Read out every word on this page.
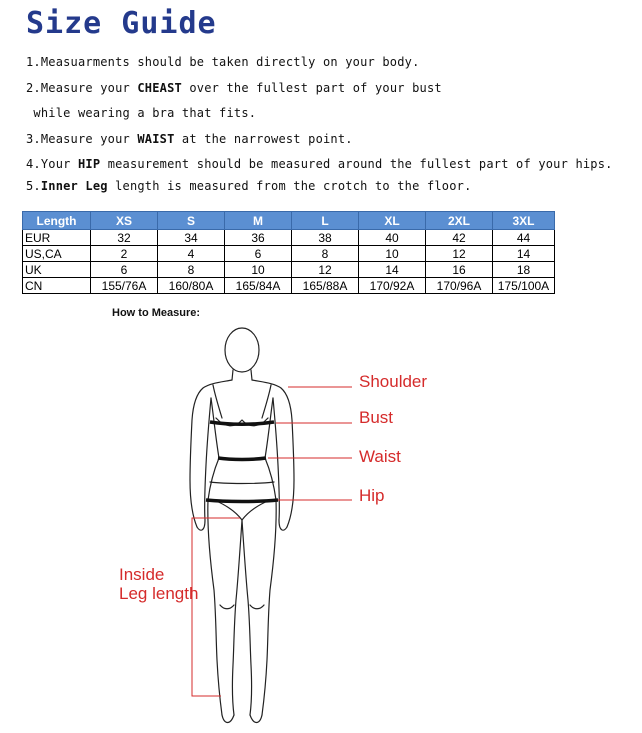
Size Guide
1.Measuarments should be taken directly on your body.
2.Measure your CHEAST over the fullest part of your bust
while wearing a bra that fits.
3.Measure your WAIST at the narrowest point.
4.Your HIP measurement should be measured around the fullest part of your hips.
5.Inner Leg length is measured from the crotch to the floor.
Length	XS	S	M	L	XL	2XL	3XL
EUR	32	34	36	38	40	42	44
US,CA	2	4	6	8	10	12	14
UK	6	8	10	12	14	16	18
CN	155/76A	160/80A	165/84A	165/88A	170/92A	170/96A	175/100A
How to Measure:
Shoulder
Bust
Waist
Hip
Inside
Leg length
